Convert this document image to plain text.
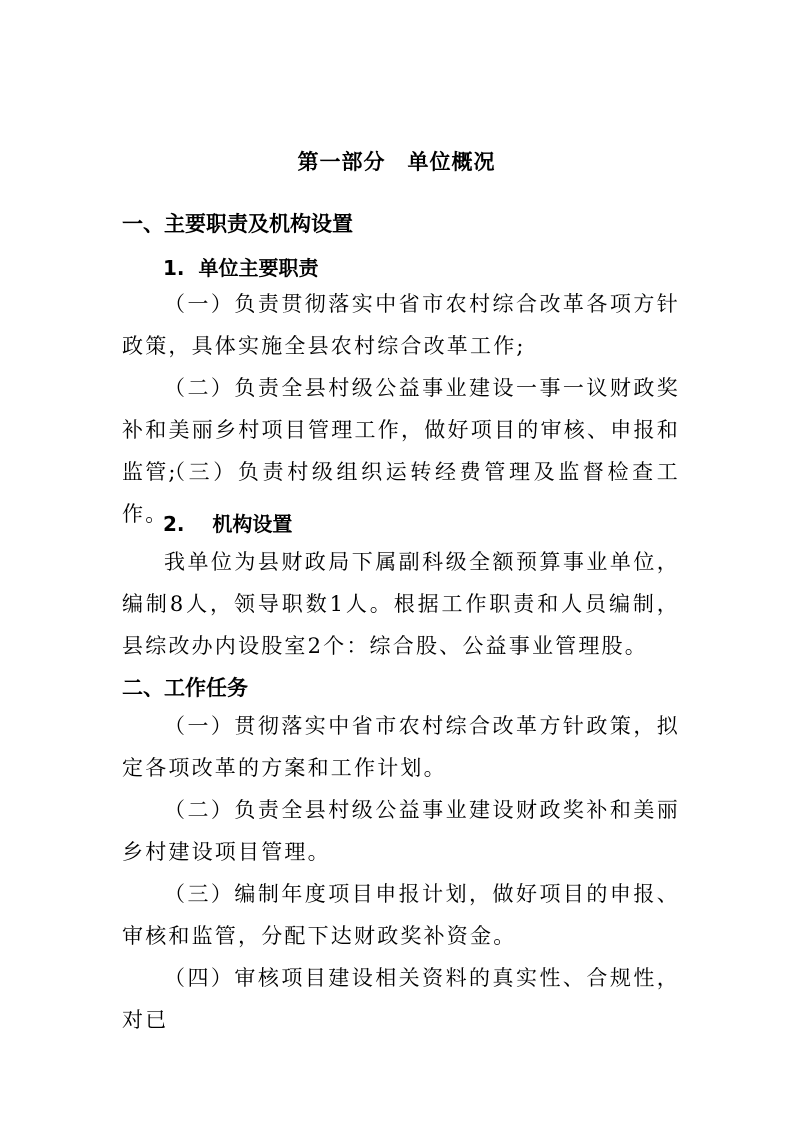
第一部分　单位概况
一、主要职责及机构设置
1.  单位主要职责

（一）负责贯彻落实中省市农村综合改革各项方针政策，具体实施全县农村综合改革工作;

（二）负责全县村级公益事业建设一事一议财政奖补和美丽乡村项目管理工作，做好项目的审核、申报和监管;

（三）负责村级组织运转经费管理及监督检查工作。

2.    机构设置

我单位为县财政局下属副科级全额预算事业单位，编制8人，领导职数1人。根据工作职责和人员编制，县综改办内设股室2个：综合股、公益事业管理股。

二、工作任务

（一）贯彻落实中省市农村综合改革方针政策，拟定各项改革的方案和工作计划。

（二）负责全县村级公益事业建设财政奖补和美丽乡村建设项目管理。

（三）编制年度项目申报计划，做好项目的申报、审核和监管，分配下达财政奖补资金。

（四）审核项目建设相关资料的真实性、合规性，对已
